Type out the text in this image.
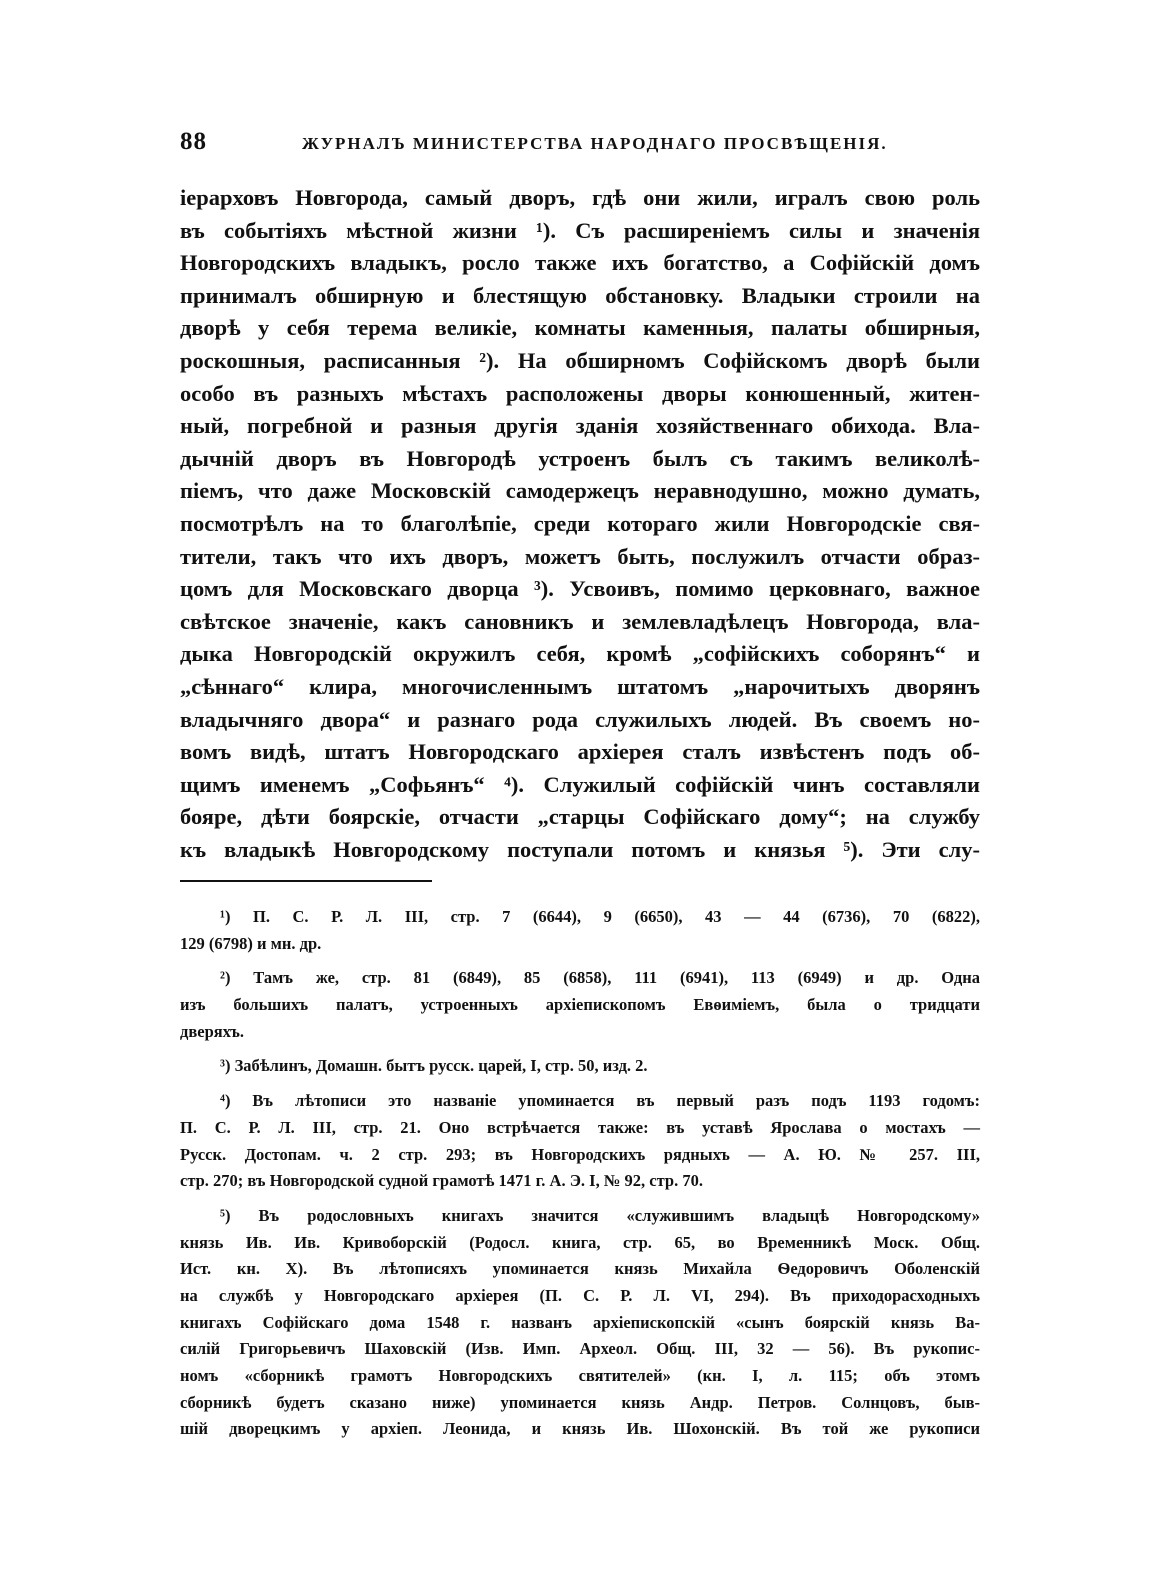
88	ЖУРНАЛЪ МИНИСТЕРСТВА НАРОДНАГО ПРОСВѢЩЕНІЯ.
іерарховъ Новгорода, самый дворъ, гдѣ они жили, игралъ свою роль
въ событіяхъ мѣстной жизни ¹). Съ расширеніемъ силы и значенія
Новгородскихъ владыкъ, росло также ихъ богатство, а Софійскій домъ
принималъ обширную и блестящую обстановку. Владыки строили на
дворѣ у себя терема великіе, комнаты каменныя, палаты обширныя,
роскошныя, расписанныя ²). На обширномъ Софійскомъ дворѣ были
особо въ разныхъ мѣстахъ расположены дворы конюшенный, житен-
ный, погребной и разныя другія зданія хозяйственнаго обихода. Вла-
дычній дворъ въ Новгородѣ устроенъ былъ съ такимъ великолѣ-
піемъ, что даже Московскій самодержецъ неравнодушно, можно думать,
посмотрѣлъ на то благолѣпіе, среди котораго жили Новгородскіе свя-
тители, такъ что ихъ дворъ, можетъ быть, послужилъ отчасти образ-
цомъ для Московскаго дворца ³). Усвоивъ, помимо церковнаго, важное
свѣтское значеніе, какъ сановникъ и землевладѣлецъ Новгорода, вла-
дыка Новгородскій окружилъ себя, кромѣ „софійскихъ соборянъ“ и
„сѣннаго“ клира, многочисленнымъ штатомъ „нарочитыхъ дворянъ
владычняго двора“ и разнаго рода служилыхъ людей. Въ своемъ но-
вомъ видѣ, штатъ Новгородскаго архіерея сталъ извѣстенъ подъ об-
щимъ именемъ „Софьянъ“ ⁴). Служилый софійскій чинъ составляли
бояре, дѣти боярскіе, отчасти „старцы Софійскаго дому“; на службу
къ владыкѣ Новгородскому поступали потомъ и князья ⁵). Эти слу-
¹) П. С. Р. Л. III, стр. 7 (6644), 9 (6650), 43 — 44 (6736), 70 (6822),
129 (6798) и мн. др.
²) Тамъ же, стр. 81 (6849), 85 (6858), 111 (6941), 113 (6949) и др. Одна
изъ большихъ палатъ, устроенныхъ архіепископомъ Евѳиміемъ, была о тридцати
дверяхъ.
³) Забѣлинъ, Домашн. бытъ русск. царей, I, стр. 50, изд. 2.
⁴) Въ лѣтописи это названіе упоминается въ первый разъ подъ 1193 годомъ:
П. С. Р. Л. III, стр. 21. Оно встрѣчается также: въ уставѣ Ярослава о мостахъ —
Русск. Достопам. ч. 2 стр. 293; въ Новгородскихъ рядныхъ — А. Ю. № 257. III,
стр. 270; въ Новгородской судной грамотѣ 1471 г. А. Э. I, № 92, стр. 70.
⁵) Въ родословныхъ книгахъ значится «служившимъ владыцѣ Новгородскому»
князь Ив. Ив. Кривоборскій (Родосл. книга, стр. 65, во Временникѣ Моск. Общ.
Ист. кн. X). Въ лѣтописяхъ упоминается князь Михайла Ѳедоровичъ Оболенскій
на службѣ у Новгородскаго архіерея (П. С. Р. Л. VI, 294). Въ приходорасходныхъ
книгахъ Софійскаго дома 1548 г. названъ архіепископскій «сынъ боярскій князь Ва-
силій Григорьевичъ Шаховскій (Изв. Имп. Археол. Общ. III, 32 — 56). Въ рукопис-
номъ «сборникѣ грамотъ Новгородскихъ святителей» (кн. I, л. 115; объ этомъ
сборникѣ будетъ сказано ниже) упоминается князь Андр. Петров. Солнцовъ, быв-
шій дворецкимъ у архіеп. Леонида, и князь Ив. Шохонскій. Въ той же рукописи
